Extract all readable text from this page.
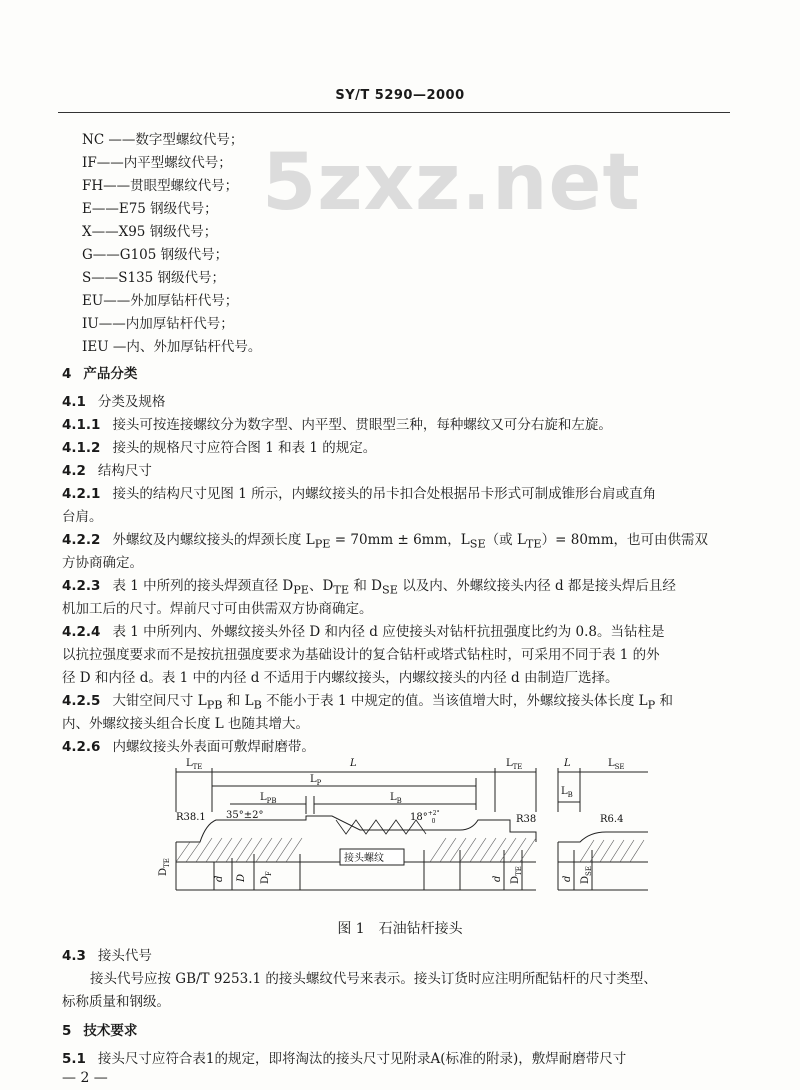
SY/T 5290—2000
5zxz.net
NC ——数字型螺纹代号；
IF——内平型螺纹代号；
FH——贯眼型螺纹代号；
E——E75 钢级代号；
X——X95 钢级代号；
G——G105 钢级代号；
S——S135 钢级代号；
EU——外加厚钻杆代号；
IU——内加厚钻杆代号；
IEU —内、外加厚钻杆代号。
4 产品分类
4.1 分类及规格
4.1.1 接头可按连接螺纹分为数字型、内平型、贯眼型三种，每种螺纹又可分右旋和左旋。
4.1.2 接头的规格尺寸应符合图 1 和表 1 的规定。
4.2 结构尺寸
4.2.1 接头的结构尺寸见图 1 所示，内螺纹接头的吊卡扣合处根据吊卡形式可制成锥形台肩或直角
台肩。
4.2.2 外螺纹及内螺纹接头的焊颈长度 $L_{PE} = 70mm \pm 6mm$，$L_{SE}$（或 $L_{TE})= 80mm$，也可由供需双
方协商确定。
4.2.3 表 1 中所列的接头焊颈直径 $D_{PE}$、$D_{TE}$ 和 $D_{SE}$ 以及内、外螺纹接头内径 d 都是接头焊后且经
机加工后的尺寸。焊前尺寸可由供需双方协商确定。
4.2.4 表 1 中所列内、外螺纹接头外径 D 和内径 d 应使接头对钻杆抗扭强度比约为 0.8。当钻柱是
以抗拉强度要求而不是按抗扭强度要求为基础设计的复合钻杆或塔式钻柱时，可采用不同于表 1 的外
径 D 和内径 d。表 1 中的内径 d 不适用于内螺纹接头，内螺纹接头的内径 d 由制造厂选择。
4.2.5 大钳空间尺寸 $L_{PB}$ 和 $L_B$ 不能小于表 1 中规定的值。当该值增大时，外螺纹接头体长度 $L_P$ 和
内、外螺纹接头组合长度 L 也随其增大。
4.2.6 内螺纹接头外表面可敷焊耐磨带。
$L_{TE}$	L	$L_{TE}$	L	$L_{SE}$
$L_P$
$L_{PB}$	$L_B$
$L_B$
R38.1 35°±2°	18°$^{+2^\circ}$ 0	R38	R6.4
$D_{TE}$
d D $D_F$
接头螺纹
d $D_{TE}$
d $D_{SE}$
图 1　石油钻杆接头
4.3 接头代号
接头代号应按 GB/T 9253.1 的接头螺纹代号来表示。接头订货时应注明所配钻杆的尺寸类型、
标称质量和钢级。
5 技术要求
5.1 接头尺寸应符合表1的规定，即将淘汰的接头尺寸见附录A(标准的附录)，敷焊耐磨带尺寸
— 2 —
